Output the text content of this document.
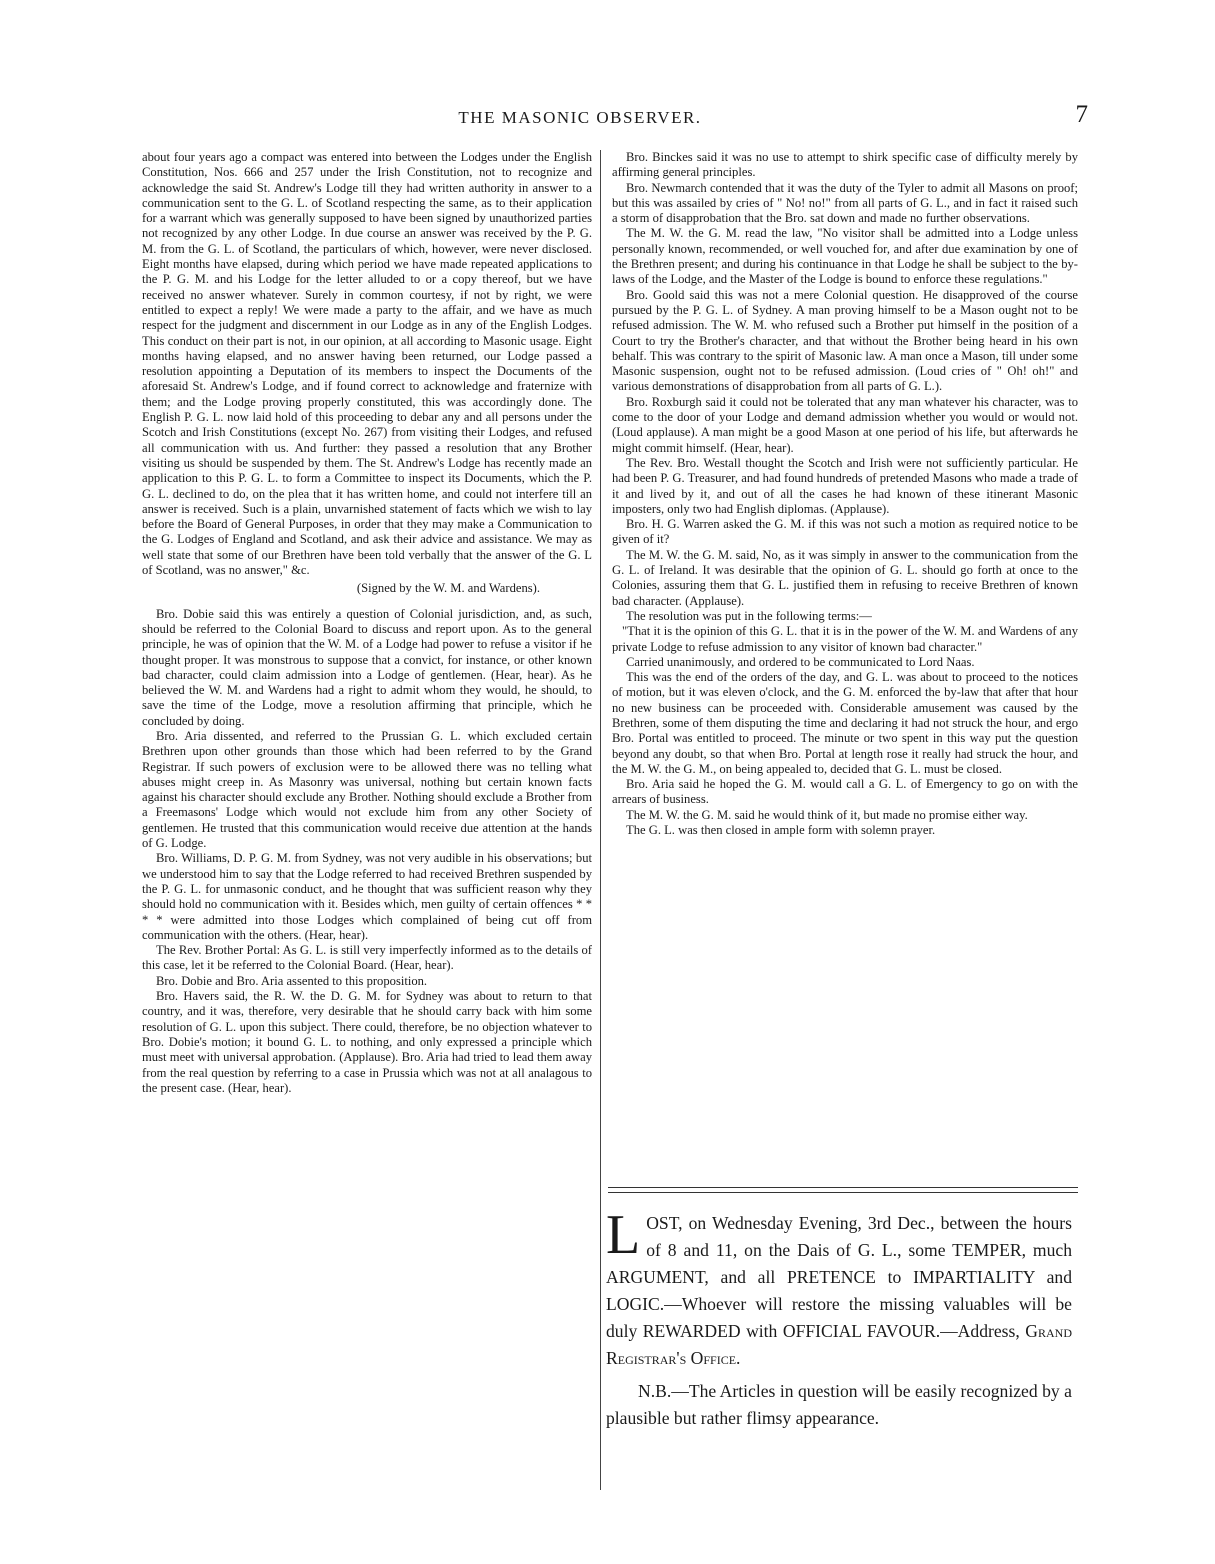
THE MASONIC OBSERVER.	7

about four years ago a compact was entered into between the Lodges under the English Constitution, Nos. 666 and 257 under the Irish Constitution, not to recognize and acknowledge the said St. Andrew's Lodge till they had written authority in answer to a communication sent to the G. L. of Scotland respecting the same, as to their application for a warrant which was generally supposed to have been signed by unauthorized parties not recognized by any other Lodge. In due course an answer was received by the P. G. M. from the G. L. of Scotland, the particulars of which, however, were never disclosed. Eight months have elapsed, during which period we have made repeated applications to the P. G. M. and his Lodge for the letter alluded to or a copy thereof, but we have received no answer whatever. Surely in common courtesy, if not by right, we were entitled to expect a reply! We were made a party to the affair, and we have as much respect for the judgment and discernment in our Lodge as in any of the English Lodges. This conduct on their part is not, in our opinion, at all according to Masonic usage. Eight months having elapsed, and no answer having been returned, our Lodge passed a resolution appointing a Deputation of its members to inspect the Documents of the aforesaid St. Andrew's Lodge, and if found correct to acknowledge and fraternize with them; and the Lodge proving properly constituted, this was accordingly done. The English P. G. L. now laid hold of this proceeding to debar any and all persons under the Scotch and Irish Constitutions (except No. 267) from visiting their Lodges, and refused all communication with us. And further: they passed a resolution that any Brother visiting us should be suspended by them. The St. Andrew's Lodge has recently made an application to this P. G. L. to form a Committee to inspect its Documents, which the P. G. L. declined to do, on the plea that it has written home, and could not interfere till an answer is received. Such is a plain, unvarnished statement of facts which we wish to lay before the Board of General Purposes, in order that they may make a Communication to the G. Lodges of England and Scotland, and ask their advice and assistance. We may as well state that some of our Brethren have been told verbally that the answer of the G. L of Scotland, was no answer," &c.

(Signed by the W. M. and Wardens).

Bro. Dobie said this was entirely a question of Colonial jurisdiction, and, as such, should be referred to the Colonial Board to discuss and report upon. As to the general principle, he was of opinion that the W. M. of a Lodge had power to refuse a visitor if he thought proper. It was monstrous to suppose that a convict, for instance, or other known bad character, could claim admission into a Lodge of gentlemen. (Hear, hear). As he believed the W. M. and Wardens had a right to admit whom they would, he should, to save the time of the Lodge, move a resolution affirming that principle, which he concluded by doing.

Bro. Aria dissented, and referred to the Prussian G. L. which excluded certain Brethren upon other grounds than those which had been referred to by the Grand Registrar. If such powers of exclusion were to be allowed there was no telling what abuses might creep in. As Masonry was universal, nothing but certain known facts against his character should exclude any Brother. Nothing should exclude a Brother from a Freemasons' Lodge which would not exclude him from any other Society of gentlemen. He trusted that this communication would receive due attention at the hands of G. Lodge.

Bro. Williams, D. P. G. M. from Sydney, was not very audible in his observations; but we understood him to say that the Lodge referred to had received Brethren suspended by the P. G. L. for unmasonic conduct, and he thought that was sufficient reason why they should hold no communication with it. Besides which, men guilty of certain offences * * * * were admitted into those Lodges which complained of being cut off from communication with the others. (Hear, hear).

The Rev. Brother Portal: As G. L. is still very imperfectly informed as to the details of this case, let it be referred to the Colonial Board. (Hear, hear).

Bro. Dobie and Bro. Aria assented to this proposition.

Bro. Havers said, the R. W. the D. G. M. for Sydney was about to return to that country, and it was, therefore, very desirable that he should carry back with him some resolution of G. L. upon this subject. There could, therefore, be no objection whatever to Bro. Dobie's motion; it bound G. L. to nothing, and only expressed a principle which must meet with universal approbation. (Applause). Bro. Aria had tried to lead them away from the real question by referring to a case in Prussia which was not at all analagous to the present case. (Hear, hear).

Bro. Binckes said it was no use to attempt to shirk specific case of difficulty merely by affirming general principles.

Bro. Newmarch contended that it was the duty of the Tyler to admit all Masons on proof; but this was assailed by cries of " No! no!" from all parts of G. L., and in fact it raised such a storm of disapprobation that the Bro. sat down and made no further observations.

The M. W. the G. M. read the law, "No visitor shall be admitted into a Lodge unless personally known, recommended, or well vouched for, and after due examination by one of the Brethren present; and during his continuance in that Lodge he shall be subject to the by-laws of the Lodge, and the Master of the Lodge is bound to enforce these regulations."

Bro. Goold said this was not a mere Colonial question. He disapproved of the course pursued by the P. G. L. of Sydney. A man proving himself to be a Mason ought not to be refused admission. The W. M. who refused such a Brother put himself in the position of a Court to try the Brother's character, and that without the Brother being heard in his own behalf. This was contrary to the spirit of Masonic law. A man once a Mason, till under some Masonic suspension, ought not to be refused admission. (Loud cries of " Oh! oh!" and various demonstrations of disapprobation from all parts of G. L.).

Bro. Roxburgh said it could not be tolerated that any man whatever his character, was to come to the door of your Lodge and demand admission whether you would or would not. (Loud applause). A man might be a good Mason at one period of his life, but afterwards he might commit himself. (Hear, hear).

The Rev. Bro. Westall thought the Scotch and Irish were not sufficiently particular. He had been P. G. Treasurer, and had found hundreds of pretended Masons who made a trade of it and lived by it, and out of all the cases he had known of these itinerant Masonic imposters, only two had English diplomas. (Applause).

Bro. H. G. Warren asked the G. M. if this was not such a motion as required notice to be given of it?

The M. W. the G. M. said, No, as it was simply in answer to the communication from the G. L. of Ireland. It was desirable that the opinion of G. L. should go forth at once to the Colonies, assuring them that G. L. justified them in refusing to receive Brethren of known bad character. (Applause).

The resolution was put in the following terms:—

"That it is the opinion of this G. L. that it is in the power of the W. M. and Wardens of any private Lodge to refuse admission to any visitor of known bad character."

Carried unanimously, and ordered to be communicated to Lord Naas.

This was the end of the orders of the day, and G. L. was about to proceed to the notices of motion, but it was eleven o'clock, and the G. M. enforced the by-law that after that hour no new business can be proceeded with. Considerable amusement was caused by the Brethren, some of them disputing the time and declaring it had not struck the hour, and ergo Bro. Portal was entitled to proceed. The minute or two spent in this way put the question beyond any doubt, so that when Bro. Portal at length rose it really had struck the hour, and the M. W. the G. M., on being appealed to, decided that G. L. must be closed.

Bro. Aria said he hoped the G. M. would call a G. L. of Emergency to go on with the arrears of business.

The M. W. the G. M. said he would think of it, but made no promise either way.

The G. L. was then closed in ample form with solemn prayer.

LOST, on Wednesday Evening, 3rd Dec., between the hours of 8 and 11, on the Dais of G. L., some TEMPER, much ARGUMENT, and all PRETENCE to IMPARTIALITY and LOGIC.—Whoever will restore the missing valuables will be duly REWARDED with OFFICIAL FAVOUR.—Address, Grand Registrar's Office.

N.B.—The Articles in question will be easily recognized by a plausible but rather flimsy appearance.
